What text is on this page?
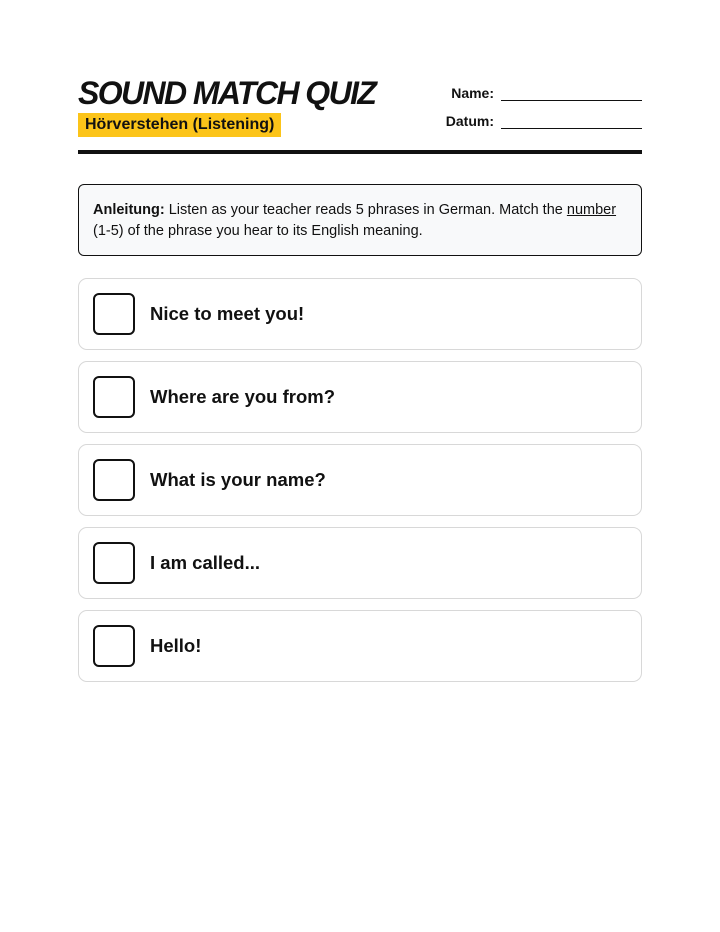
SOUND MATCH QUIZ
Hörverstehen (Listening)
Name:
Datum:
Anleitung: Listen as your teacher reads 5 phrases in German. Match the number (1-5) of the phrase you hear to its English meaning.
Nice to meet you!
Where are you from?
What is your name?
I am called...
Hello!
